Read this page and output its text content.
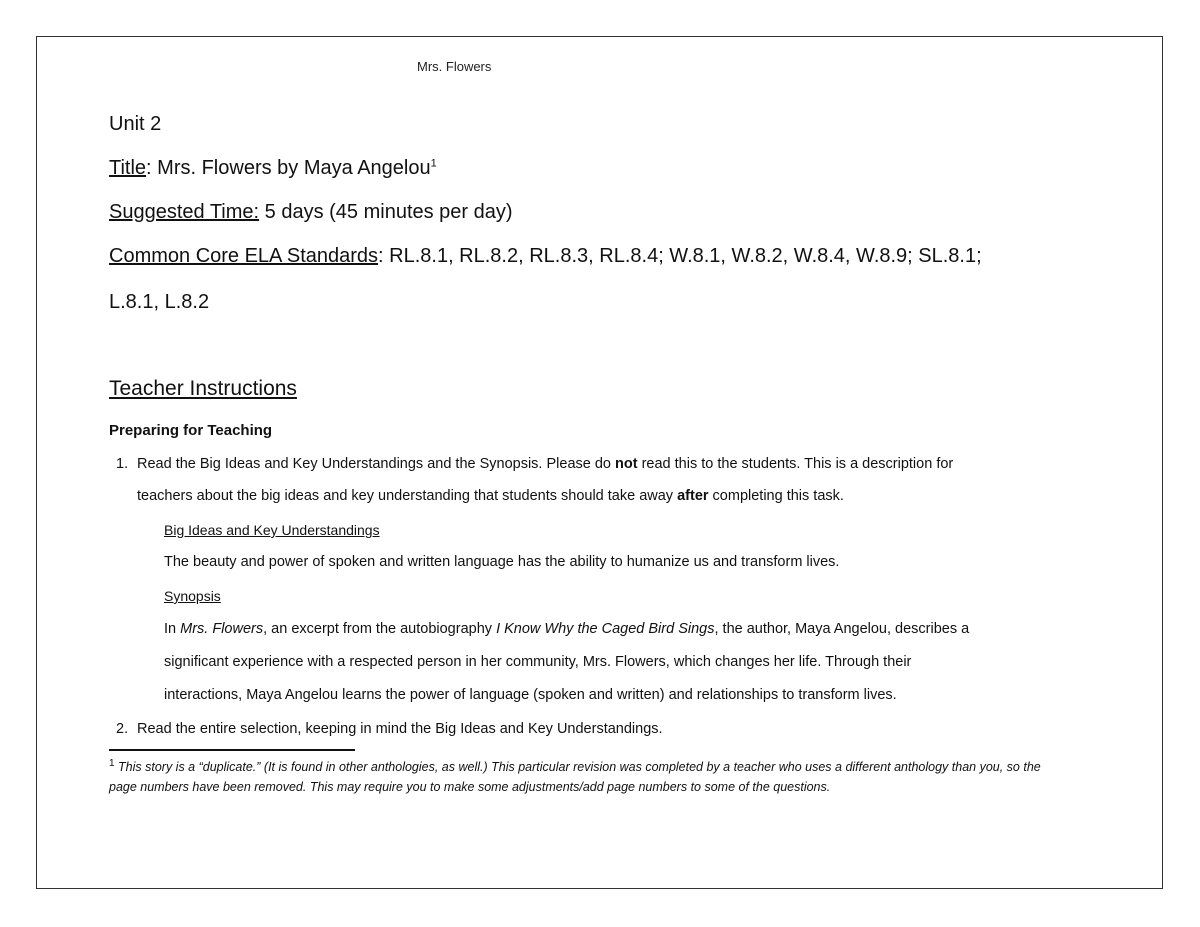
Mrs. Flowers
Unit 2
Title: Mrs. Flowers by Maya Angelou$^1$
Suggested Time: 5 days (45 minutes per day)
Common Core ELA Standards: RL.8.1, RL.8.2, RL.8.3, RL.8.4; W.8.1, W.8.2, W.8.4, W.8.9; SL.8.1;
L.8.1, L.8.2
Teacher Instructions
Preparing for Teaching
1. Read the Big Ideas and Key Understandings and the Synopsis. Please do not read this to the students. This is a description for
teachers about the big ideas and key understanding that students should take away after completing this task.
Big Ideas and Key Understandings
The beauty and power of spoken and written language has the ability to humanize us and transform lives.
Synopsis
In Mrs. Flowers, an excerpt from the autobiography I Know Why the Caged Bird Sings, the author, Maya Angelou, describes a
significant experience with a respected person in her community, Mrs. Flowers, which changes her life. Through their
interactions, Maya Angelou learns the power of language (spoken and written) and relationships to transform lives.
2. Read the entire selection, keeping in mind the Big Ideas and Key Understandings.
$^1$ This story is a “duplicate.” (It is found in other anthologies, as well.) This particular revision was completed by a teacher who uses a different anthology than you, so the page numbers have been removed. This may require you to make some adjustments/add page numbers to some of the questions.
